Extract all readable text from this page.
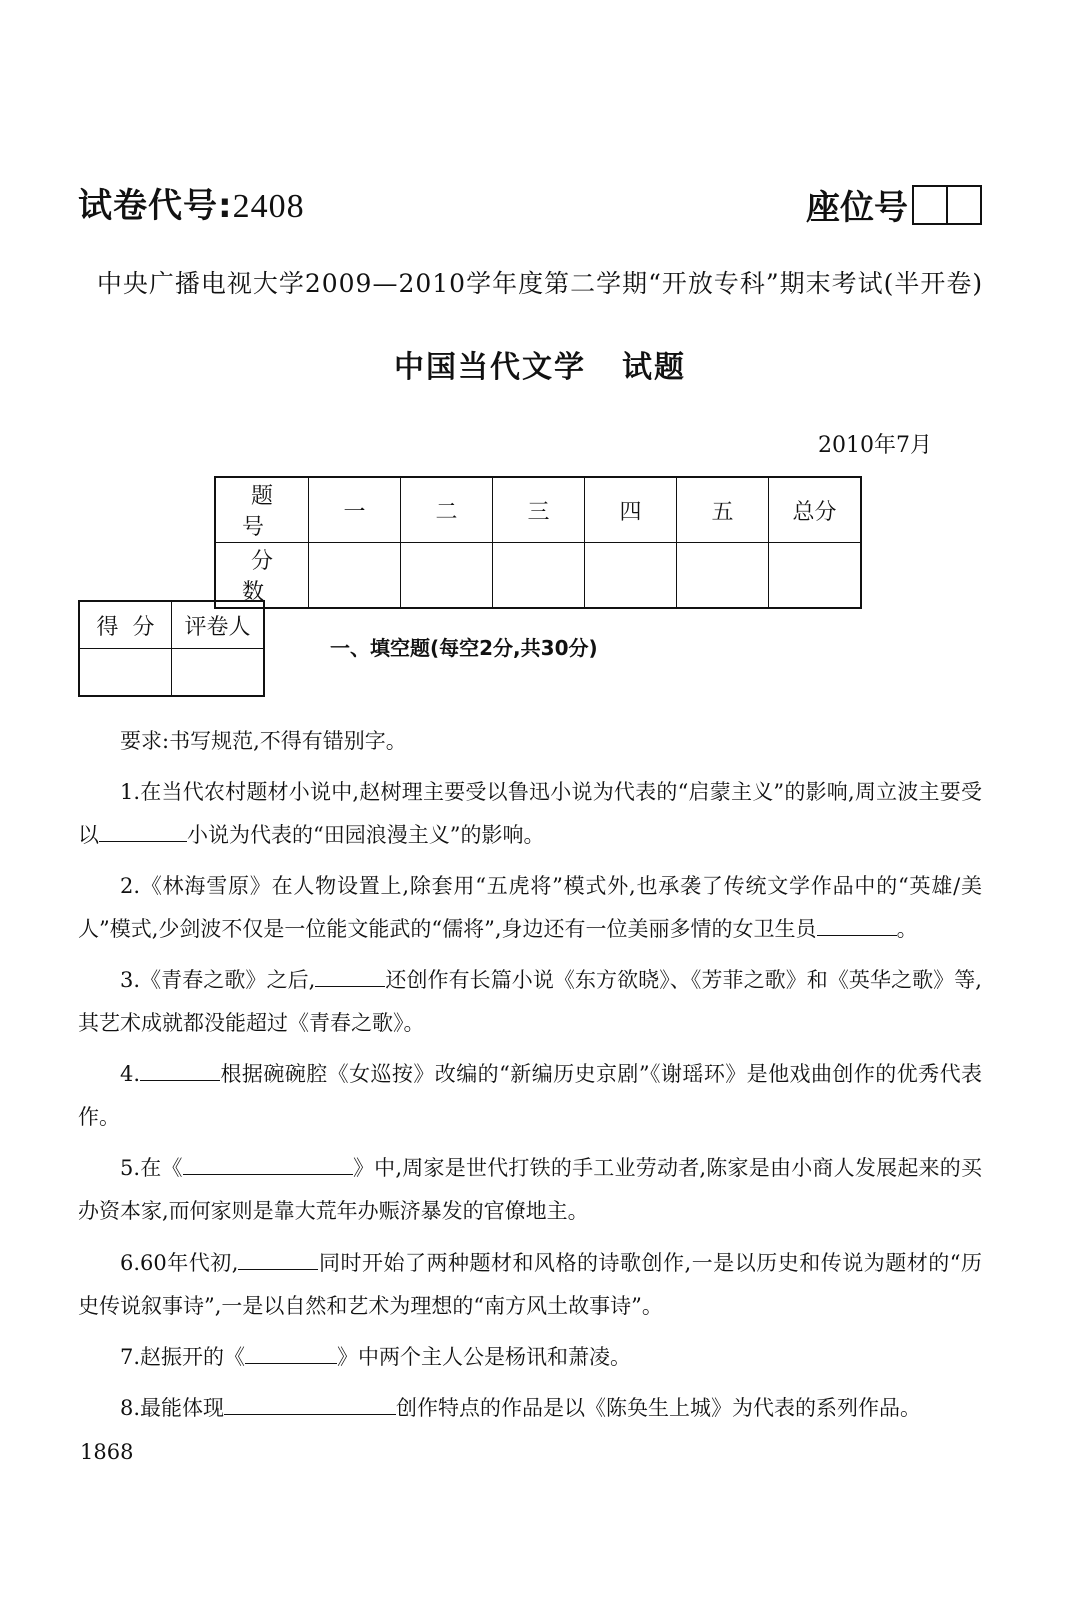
试卷代号:2408	座位号
中央广播电视大学2009—2010学年度第二学期“开放专科”期末考试(半开卷)
中国当代文学 试题
2010年7月
题号	一	二	三	四	五	总分
分数						
得分	评卷人

一、填空题(每空2分,共30分)

要求:书写规范,不得有错别字。

1.在当代农村题材小说中,赵树理主要受以鲁迅小说为代表的“启蒙主义”的影响,周立波主要受以	小说为代表的“田园浪漫主义”的影响。

2.《林海雪原》在人物设置上,除套用“五虎将”模式外,也承袭了传统文学作品中的“英雄/美人”模式,少剑波不仅是一位能文能武的“儒将”,身边还有一位美丽多情的女卫生员	。

3.《青春之歌》之后,	还创作有长篇小说《东方欲晓》、《芳菲之歌》和《英华之歌》等,其艺术成就都没能超过《青春之歌》。

4.	根据碗碗腔《女巡按》改编的“新编历史京剧”《谢瑶环》是他戏曲创作的优秀代表作。

5.在《	》中,周家是世代打铁的手工业劳动者,陈家是由小商人发展起来的买办资本家,而何家则是靠大荒年办赈济暴发的官僚地主。

6.60年代初,	同时开始了两种题材和风格的诗歌创作,一是以历史和传说为题材的“历史传说叙事诗”,一是以自然和艺术为理想的“南方风土故事诗”。

7.赵振开的《	》中两个主人公是杨讯和萧凌。

8.最能体现	创作特点的作品是以《陈奂生上城》为代表的系列作品。

1868
